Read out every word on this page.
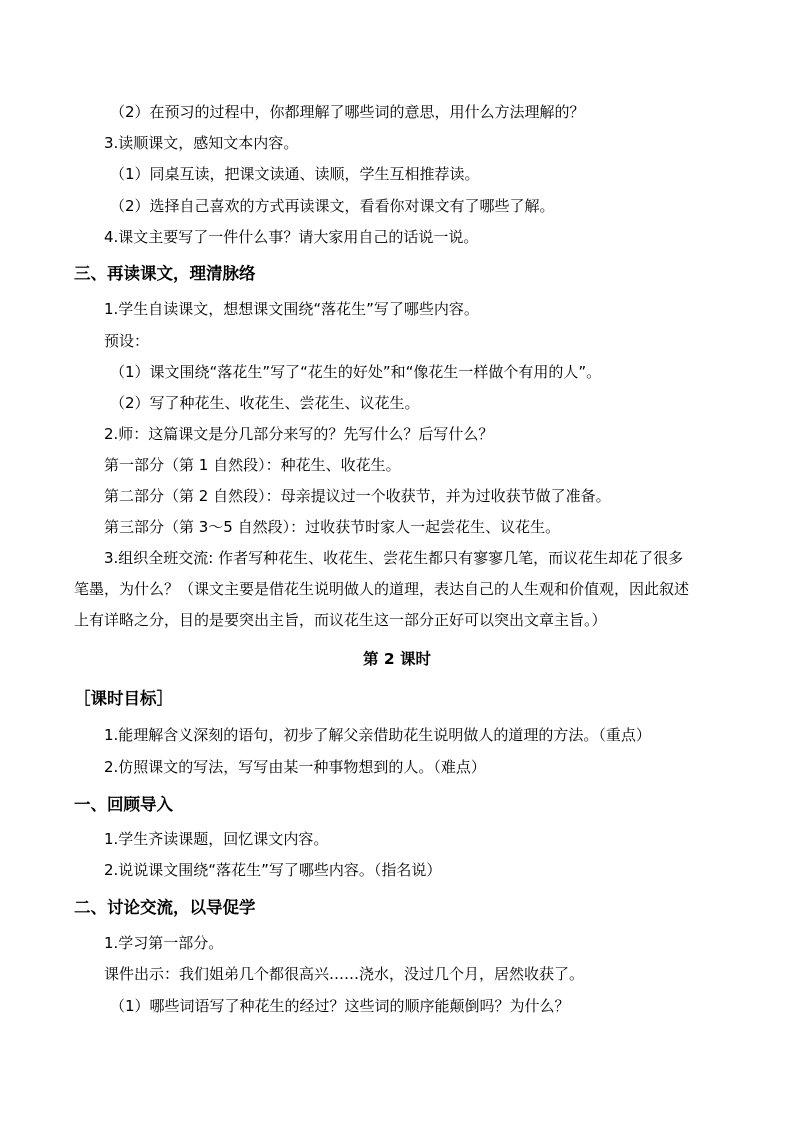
（2）在预习的过程中，你都理解了哪些词的意思，用什么方法理解的？
3.读顺课文，感知文本内容。
（1）同桌互读，把课文读通、读顺，学生互相推荐读。
（2）选择自己喜欢的方式再读课文，看看你对课文有了哪些了解。
4.课文主要写了一件什么事？请大家用自己的话说一说。
三、再读课文，理清脉络
1.学生自读课文，想想课文围绕“落花生”写了哪些内容。
预设：
（1）课文围绕“落花生”写了“花生的好处”和“像花生一样做个有用的人”。
（2）写了种花生、收花生、尝花生、议花生。
2.师：这篇课文是分几部分来写的？先写什么？后写什么？
第一部分（第 1 自然段）：种花生、收花生。
第二部分（第 2 自然段）：母亲提议过一个收获节，并为过收获节做了准备。
第三部分（第 3～5 自然段）：过收获节时家人一起尝花生、议花生。
3.组织全班交流: 作者写种花生、收花生、尝花生都只有寥寥几笔，而议花生却花了很多
笔墨，为什么？（课文主要是借花生说明做人的道理，表达自己的人生观和价值观，因此叙述
上有详略之分，目的是要突出主旨，而议花生这一部分正好可以突出文章主旨。）
第 2 课时
［课时目标］
1.能理解含义深刻的语句，初步了解父亲借助花生说明做人的道理的方法。（重点）
2.仿照课文的写法，写写由某一种事物想到的人。（难点）
一、回顾导入
1.学生齐读课题，回忆课文内容。
2.说说课文围绕“落花生”写了哪些内容。（指名说）
二、讨论交流，以导促学
1.学习第一部分。
课件出示：我们姐弟几个都很高兴……浇水，没过几个月，居然收获了。
（1）哪些词语写了种花生的经过？这些词的顺序能颠倒吗？为什么？
